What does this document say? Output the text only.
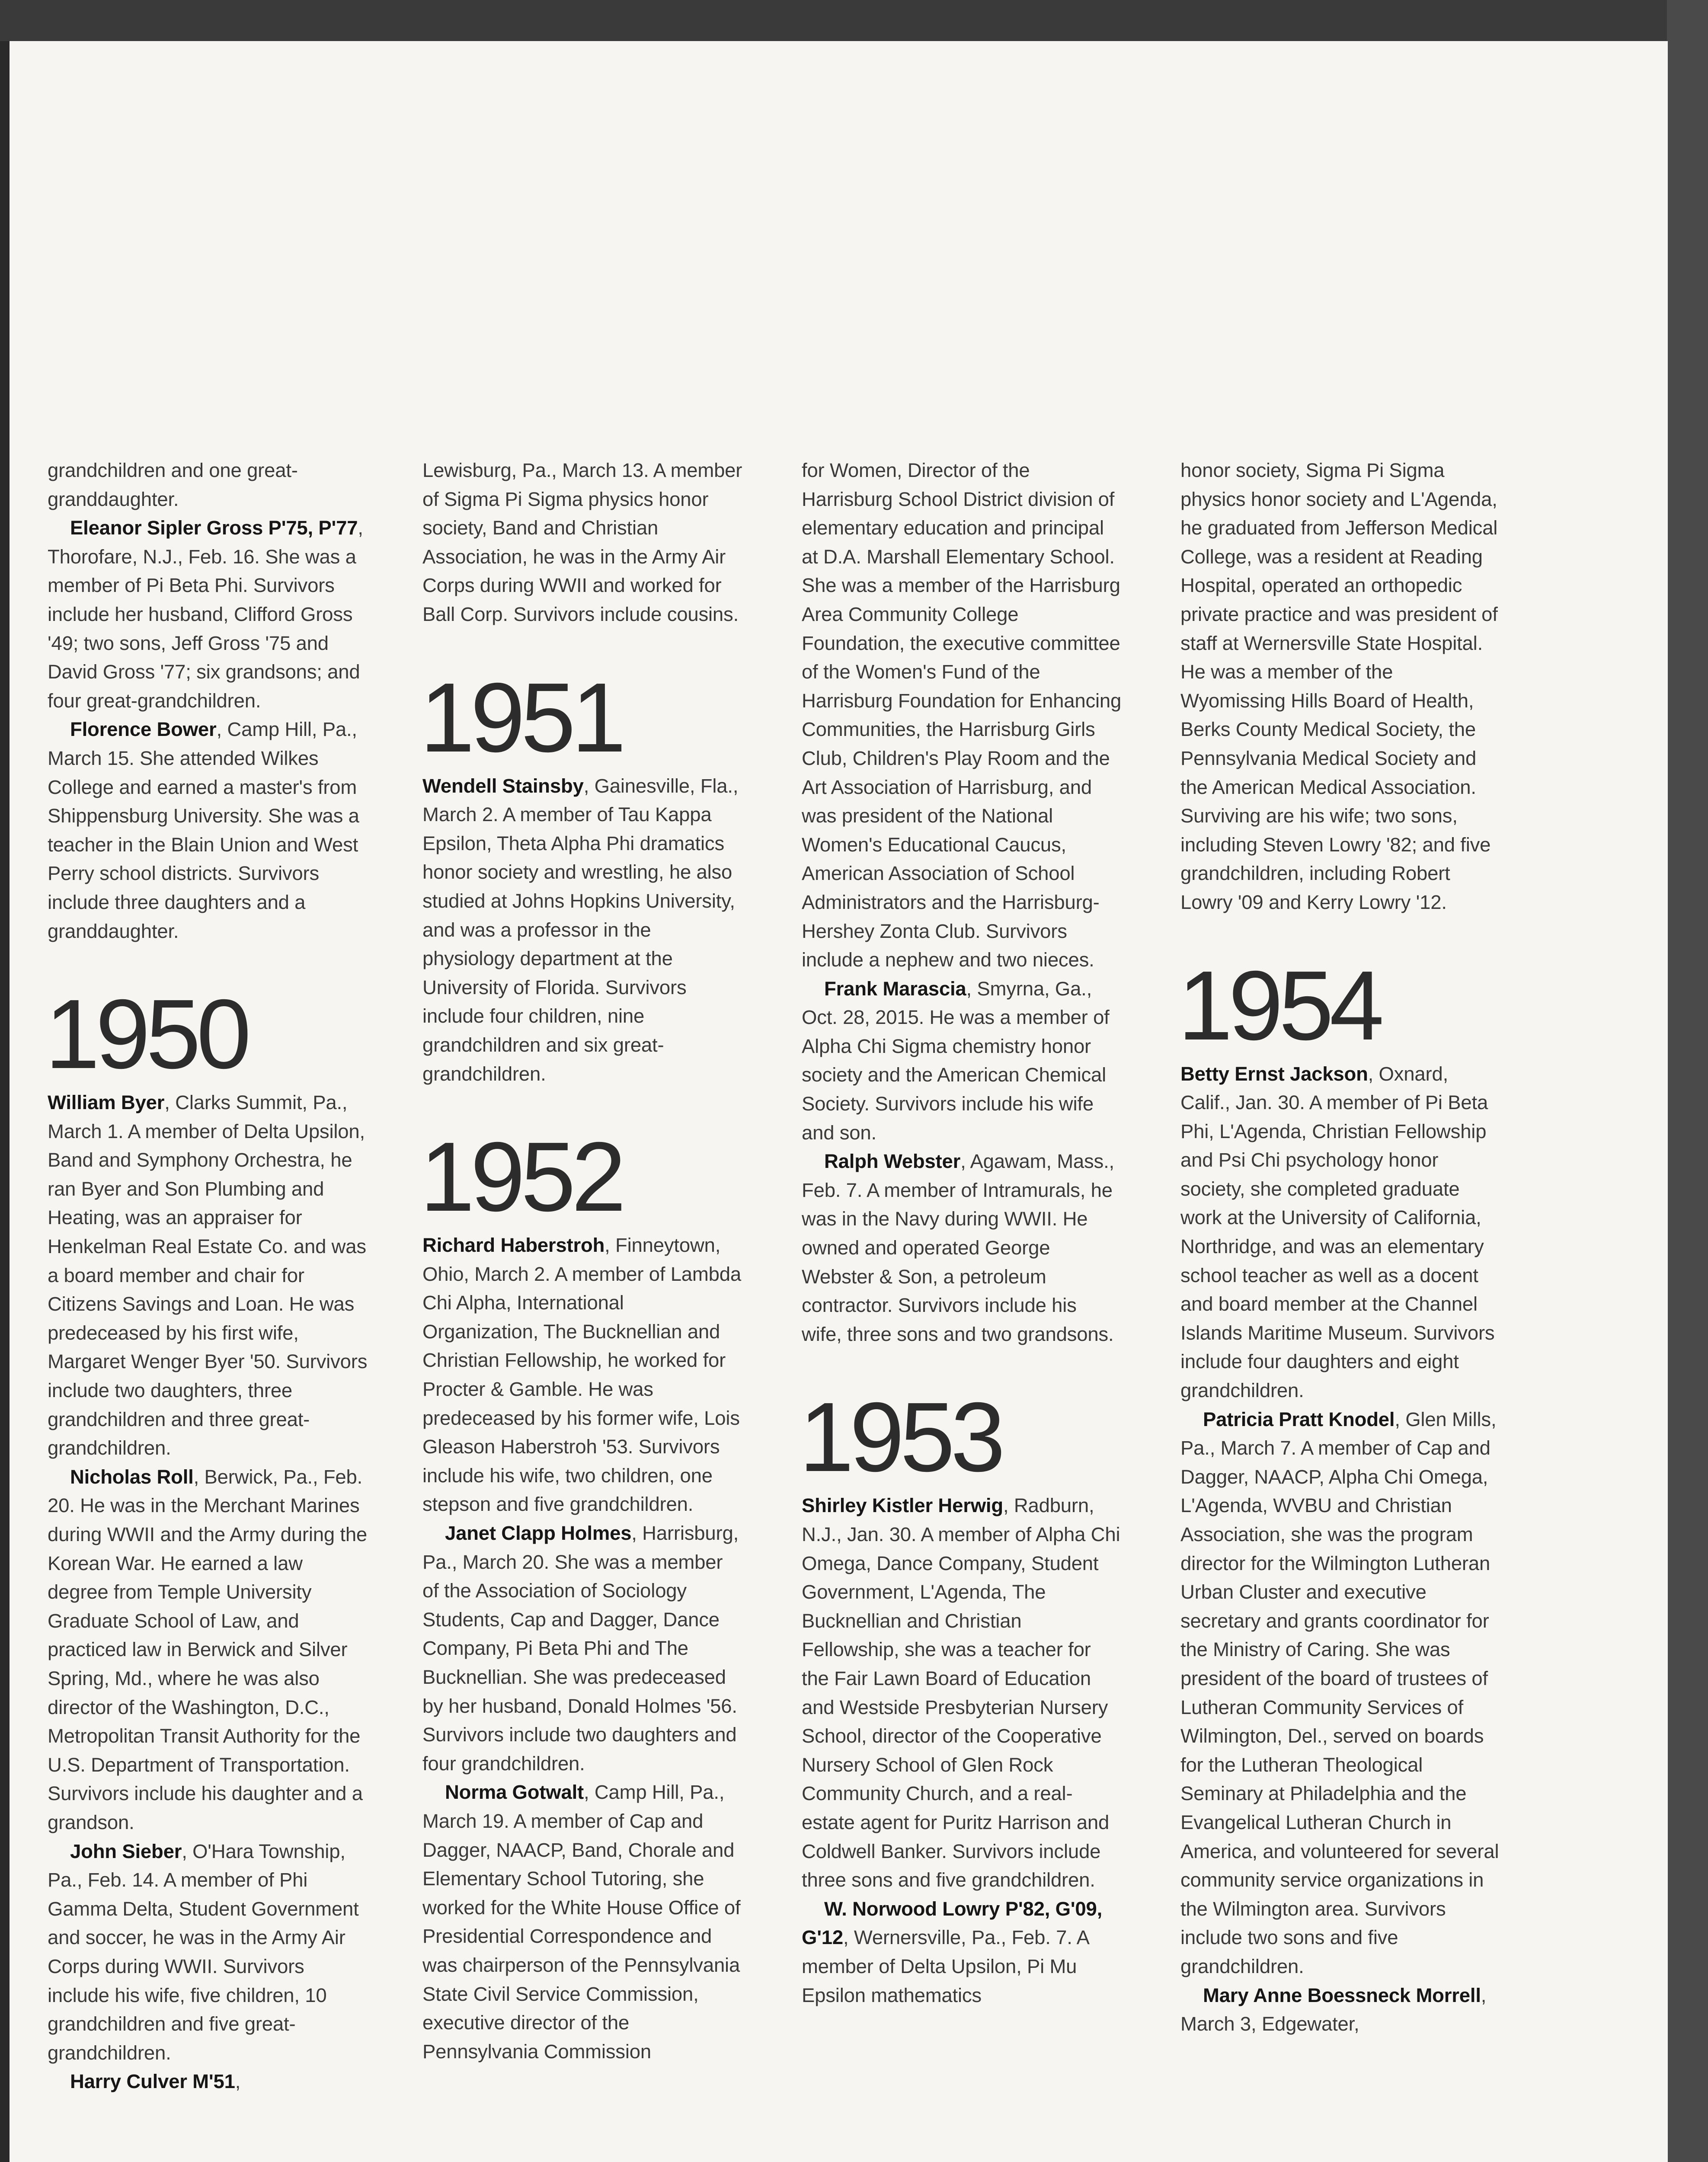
grandchildren and one great-granddaughter.

Eleanor Sipler Gross P'75, P'77, Thorofare, N.J., Feb. 16. She was a member of Pi Beta Phi. Survivors include her husband, Clifford Gross '49; two sons, Jeff Gross '75 and David Gross '77; six grandsons; and four great-grandchildren.

Florence Bower, Camp Hill, Pa., March 15. She attended Wilkes College and earned a master's from Shippensburg University. She was a teacher in the Blain Union and West Perry school districts. Survivors include three daughters and a granddaughter.

1950

William Byer, Clarks Summit, Pa., March 1. A member of Delta Upsilon, Band and Symphony Orchestra, he ran Byer and Son Plumbing and Heating, was an appraiser for Henkelman Real Estate Co. and was a board member and chair for Citizens Savings and Loan. He was predeceased by his first wife, Margaret Wenger Byer '50. Survivors include two daughters, three grandchildren and three great-grandchildren.

Nicholas Roll, Berwick, Pa., Feb. 20. He was in the Merchant Marines during WWII and the Army during the Korean War. He earned a law degree from Temple University Graduate School of Law, and practiced law in Berwick and Silver Spring, Md., where he was also director of the Washington, D.C., Metropolitan Transit Authority for the U.S. Department of Transportation. Survivors include his daughter and a grandson.

John Sieber, O'Hara Township, Pa., Feb. 14. A member of Phi Gamma Delta, Student Government and soccer, he was in the Army Air Corps during WWII. Survivors include his wife, five children, 10 grandchildren and five great-grandchildren.

Harry Culver M'51,

Lewisburg, Pa., March 13. A member of Sigma Pi Sigma physics honor society, Band and Christian Association, he was in the Army Air Corps during WWII and worked for Ball Corp. Survivors include cousins.

1951

Wendell Stainsby, Gainesville, Fla., March 2. A member of Tau Kappa Epsilon, Theta Alpha Phi dramatics honor society and wrestling, he also studied at Johns Hopkins University, and was a professor in the physiology department at the University of Florida. Survivors include four children, nine grandchildren and six great-grandchildren.

1952

Richard Haberstroh, Finneytown, Ohio, March 2. A member of Lambda Chi Alpha, International Organization, The Bucknellian and Christian Fellowship, he worked for Procter & Gamble. He was predeceased by his former wife, Lois Gleason Haberstroh '53. Survivors include his wife, two children, one stepson and five grandchildren.

Janet Clapp Holmes, Harrisburg, Pa., March 20. She was a member of the Association of Sociology Students, Cap and Dagger, Dance Company, Pi Beta Phi and The Bucknellian. She was predeceased by her husband, Donald Holmes '56. Survivors include two daughters and four grandchildren.

Norma Gotwalt, Camp Hill, Pa., March 19. A member of Cap and Dagger, NAACP, Band, Chorale and Elementary School Tutoring, she worked for the White House Office of Presidential Correspondence and was chairperson of the Pennsylvania State Civil Service Commission, executive director of the Pennsylvania Commission

for Women, Director of the Harrisburg School District division of elementary education and principal at D.A. Marshall Elementary School. She was a member of the Harrisburg Area Community College Foundation, the executive committee of the Women's Fund of the Harrisburg Foundation for Enhancing Communities, the Harrisburg Girls Club, Children's Play Room and the Art Association of Harrisburg, and was president of the National Women's Educational Caucus, American Association of School Administrators and the Harrisburg-Hershey Zonta Club. Survivors include a nephew and two nieces.

Frank Marascia, Smyrna, Ga., Oct. 28, 2015. He was a member of Alpha Chi Sigma chemistry honor society and the American Chemical Society. Survivors include his wife and son.

Ralph Webster, Agawam, Mass., Feb. 7. A member of Intramurals, he was in the Navy during WWII. He owned and operated George Webster & Son, a petroleum contractor. Survivors include his wife, three sons and two grandsons.

1953

Shirley Kistler Herwig, Radburn, N.J., Jan. 30. A member of Alpha Chi Omega, Dance Company, Student Government, L'Agenda, The Bucknellian and Christian Fellowship, she was a teacher for the Fair Lawn Board of Education and Westside Presbyterian Nursery School, director of the Cooperative Nursery School of Glen Rock Community Church, and a real-estate agent for Puritz Harrison and Coldwell Banker. Survivors include three sons and five grandchildren.

W. Norwood Lowry P'82, G'09, G'12, Wernersville, Pa., Feb. 7. A member of Delta Upsilon, Pi Mu Epsilon mathematics

honor society, Sigma Pi Sigma physics honor society and L'Agenda, he graduated from Jefferson Medical College, was a resident at Reading Hospital, operated an orthopedic private practice and was president of staff at Wernersville State Hospital. He was a member of the Wyomissing Hills Board of Health, Berks County Medical Society, the Pennsylvania Medical Society and the American Medical Association. Surviving are his wife; two sons, including Steven Lowry '82; and five grandchildren, including Robert Lowry '09 and Kerry Lowry '12.

1954

Betty Ernst Jackson, Oxnard, Calif., Jan. 30. A member of Pi Beta Phi, L'Agenda, Christian Fellowship and Psi Chi psychology honor society, she completed graduate work at the University of California, Northridge, and was an elementary school teacher as well as a docent and board member at the Channel Islands Maritime Museum. Survivors include four daughters and eight grandchildren.

Patricia Pratt Knodel, Glen Mills, Pa., March 7. A member of Cap and Dagger, NAACP, Alpha Chi Omega, L'Agenda, WVBU and Christian Association, she was the program director for the Wilmington Lutheran Urban Cluster and executive secretary and grants coordinator for the Ministry of Caring. She was president of the board of trustees of Lutheran Community Services of Wilmington, Del., served on boards for the Lutheran Theological Seminary at Philadelphia and the Evangelical Lutheran Church in America, and volunteered for several community service organizations in the Wilmington area. Survivors include two sons and five grandchildren.

Mary Anne Boessneck Morrell, March 3, Edgewater,
